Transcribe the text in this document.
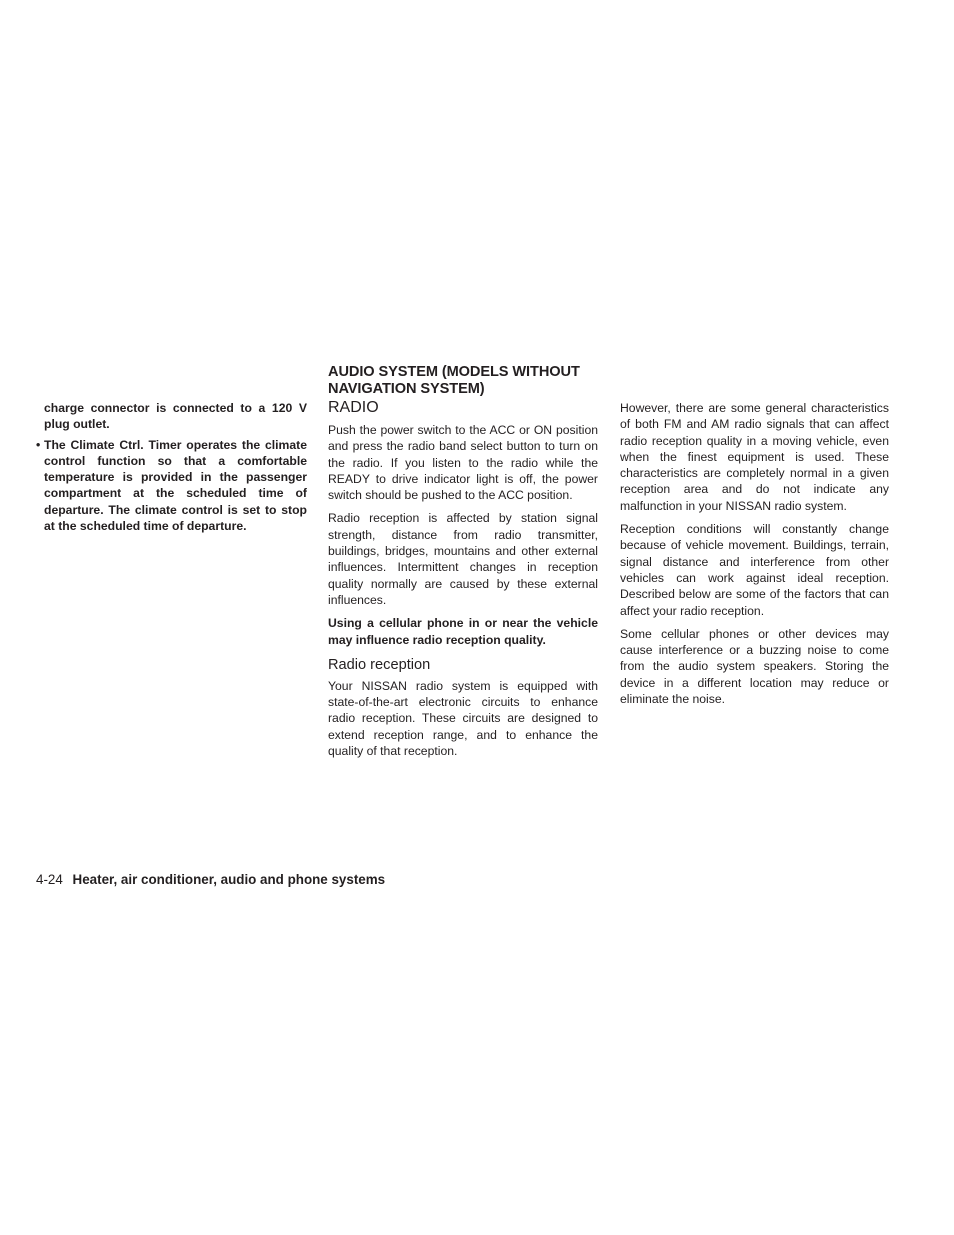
charge connector is connected to a 120 V plug outlet.

• The Climate Ctrl. Timer operates the climate control function so that a comfortable temperature is provided in the passenger compartment at the scheduled time of departure. The climate control is set to stop at the scheduled time of departure.

AUDIO SYSTEM (MODELS WITHOUT NAVIGATION SYSTEM)
RADIO

Push the power switch to the ACC or ON position and press the radio band select button to turn on the radio. If you listen to the radio while the READY to drive indicator light is off, the power switch should be pushed to the ACC position.

Radio reception is affected by station signal strength, distance from radio transmitter, buildings, bridges, mountains and other external influences. Intermittent changes in reception quality normally are caused by these external influences.

Using a cellular phone in or near the vehicle may influence radio reception quality.

Radio reception

Your NISSAN radio system is equipped with state-of-the-art electronic circuits to enhance radio reception. These circuits are designed to extend reception range, and to enhance the quality of that reception.

However, there are some general characteristics of both FM and AM radio signals that can affect radio reception quality in a moving vehicle, even when the finest equipment is used. These characteristics are completely normal in a given reception area and do not indicate any malfunction in your NISSAN radio system.

Reception conditions will constantly change because of vehicle movement. Buildings, terrain, signal distance and interference from other vehicles can work against ideal reception. Described below are some of the factors that can affect your radio reception.

Some cellular phones or other devices may cause interference or a buzzing noise to come from the audio system speakers. Storing the device in a different location may reduce or eliminate the noise.

4-24 Heater, air conditioner, audio and phone systems
